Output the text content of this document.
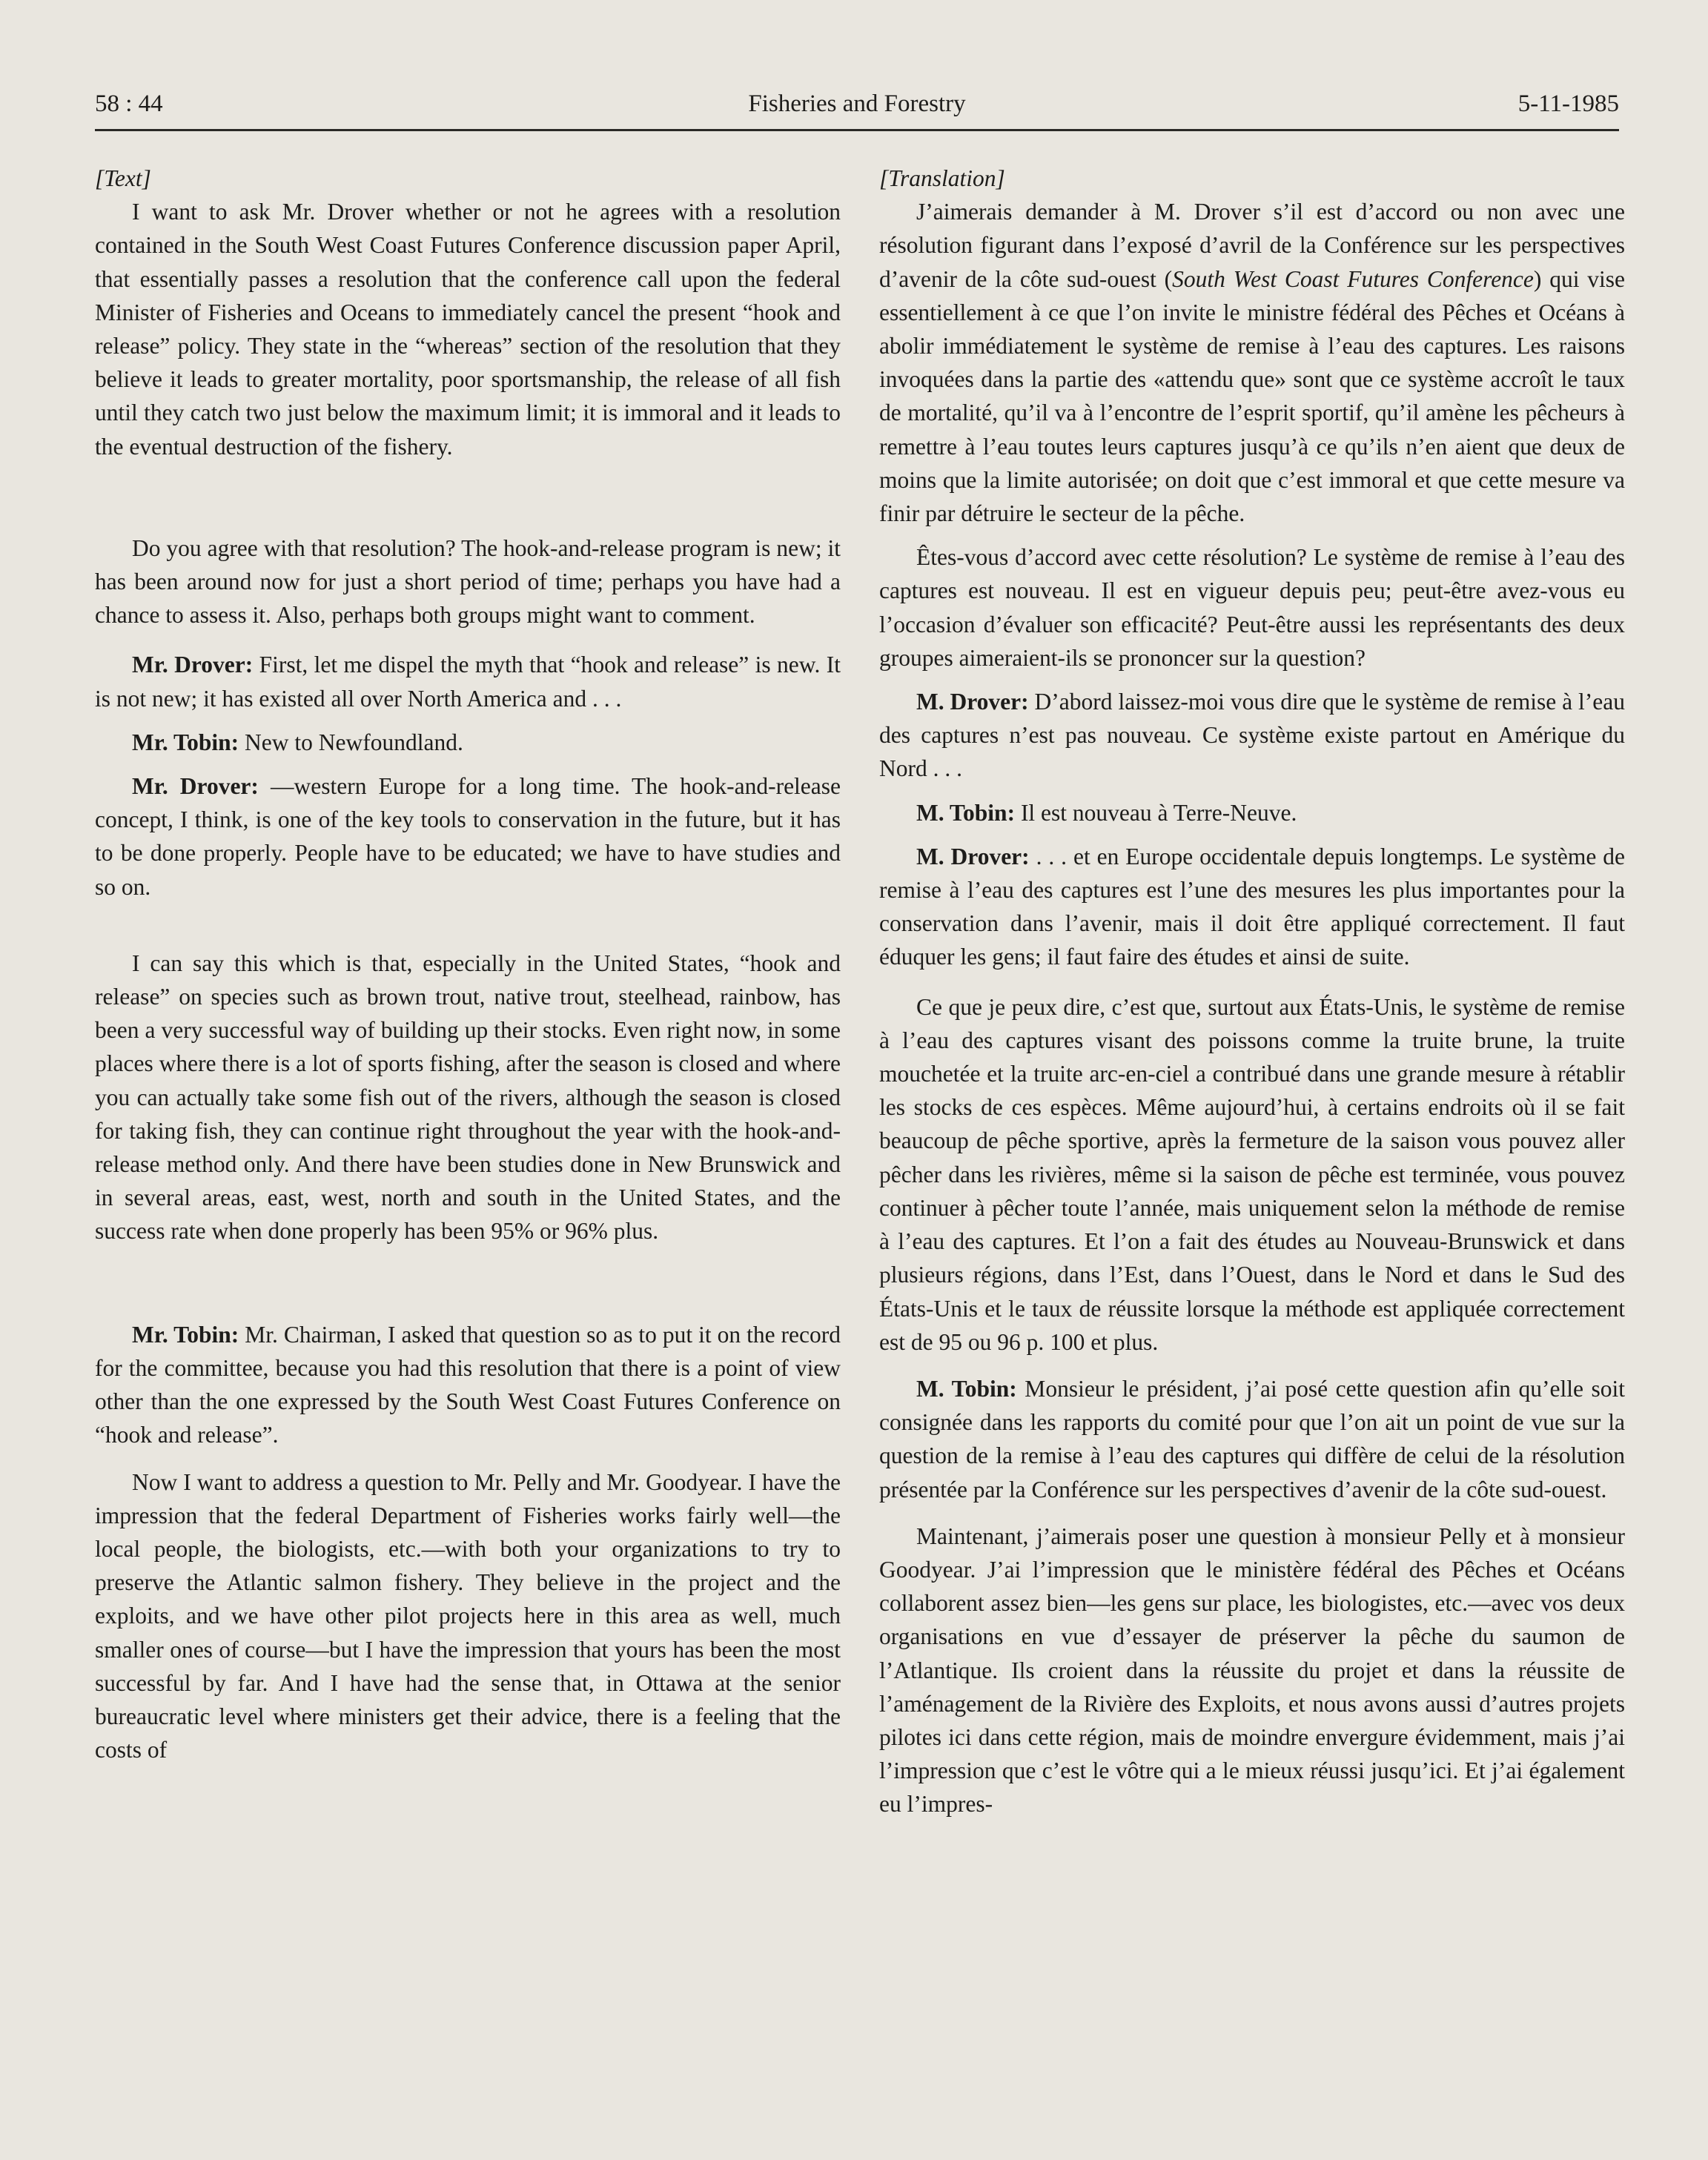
58 : 44	Fisheries and Forestry	5-11-1985

[Text]

I want to ask Mr. Drover whether or not he agrees with a resolution contained in the South West Coast Futures Conference discussion paper April, that essentially passes a resolution that the conference call upon the federal Minister of Fisheries and Oceans to immediately cancel the present “hook and release” policy. They state in the “whereas” section of the resolution that they believe it leads to greater mortality, poor sportsmanship, the release of all fish until they catch two just below the maximum limit; it is immoral and it leads to the eventual destruction of the fishery.

Do you agree with that resolution? The hook-and-release program is new; it has been around now for just a short period of time; perhaps you have had a chance to assess it. Also, perhaps both groups might want to comment.

Mr. Drover: First, let me dispel the myth that “hook and release” is new. It is not new; it has existed all over North America and . . .

Mr. Tobin: New to Newfoundland.

Mr. Drover: —western Europe for a long time. The hook-and-release concept, I think, is one of the key tools to conservation in the future, but it has to be done properly. People have to be educated; we have to have studies and so on.

I can say this which is that, especially in the United States, “hook and release” on species such as brown trout, native trout, steelhead, rainbow, has been a very successful way of building up their stocks. Even right now, in some places where there is a lot of sports fishing, after the season is closed and where you can actually take some fish out of the rivers, although the season is closed for taking fish, they can continue right throughout the year with the hook-and-release method only. And there have been studies done in New Brunswick and in several areas, east, west, north and south in the United States, and the success rate when done properly has been 95% or 96% plus.

Mr. Tobin: Mr. Chairman, I asked that question so as to put it on the record for the committee, because you had this resolution that there is a point of view other than the one expressed by the South West Coast Futures Conference on “hook and release”.

Now I want to address a question to Mr. Pelly and Mr. Goodyear. I have the impression that the federal Department of Fisheries works fairly well—the local people, the biologists, etc.—with both your organizations to try to preserve the Atlantic salmon fishery. They believe in the project and the exploits, and we have other pilot projects here in this area as well, much smaller ones of course—but I have the impression that yours has been the most successful by far. And I have had the sense that, in Ottawa at the senior bureaucratic level where ministers get their advice, there is a feeling that the costs of

[Translation]

J’aimerais demander à M. Drover s’il est d’accord ou non avec une résolution figurant dans l’exposé d’avril de la Conférence sur les perspectives d’avenir de la côte sud-ouest (South West Coast Futures Conference) qui vise essentiellement à ce que l’on invite le ministre fédéral des Pêches et Océans à abolir immédiatement le système de remise à l’eau des captures. Les raisons invoquées dans la partie des «attendu que» sont que ce système accroît le taux de mortalité, qu’il va à l’encontre de l’esprit sportif, qu’il amène les pêcheurs à remettre à l’eau toutes leurs captures jusqu’à ce qu’ils n’en aient que deux de moins que la limite autorisée; on doit que c’est immoral et que cette mesure va finir par détruire le secteur de la pêche.

Êtes-vous d’accord avec cette résolution? Le système de remise à l’eau des captures est nouveau. Il est en vigueur depuis peu; peut-être avez-vous eu l’occasion d’évaluer son efficacité? Peut-être aussi les représentants des deux groupes aimeraient-ils se prononcer sur la question?

M. Drover: D’abord laissez-moi vous dire que le système de remise à l’eau des captures n’est pas nouveau. Ce système existe partout en Amérique du Nord . . .

M. Tobin: Il est nouveau à Terre-Neuve.

M. Drover: . . . et en Europe occidentale depuis longtemps. Le système de remise à l’eau des captures est l’une des mesures les plus importantes pour la conservation dans l’avenir, mais il doit être appliqué correctement. Il faut éduquer les gens; il faut faire des études et ainsi de suite.

Ce que je peux dire, c’est que, surtout aux États-Unis, le système de remise à l’eau des captures visant des poissons comme la truite brune, la truite mouchetée et la truite arc-en-ciel a contribué dans une grande mesure à rétablir les stocks de ces espèces. Même aujourd’hui, à certains endroits où il se fait beaucoup de pêche sportive, après la fermeture de la saison vous pouvez aller pêcher dans les rivières, même si la saison de pêche est terminée, vous pouvez continuer à pêcher toute l’année, mais uniquement selon la méthode de remise à l’eau des captures. Et l’on a fait des études au Nouveau-Brunswick et dans plusieurs régions, dans l’Est, dans l’Ouest, dans le Nord et dans le Sud des États-Unis et le taux de réussite lorsque la méthode est appliquée correctement est de 95 ou 96 p. 100 et plus.

M. Tobin: Monsieur le président, j’ai posé cette question afin qu’elle soit consignée dans les rapports du comité pour que l’on ait un point de vue sur la question de la remise à l’eau des captures qui diffère de celui de la résolution présentée par la Conférence sur les perspectives d’avenir de la côte sud-ouest.

Maintenant, j’aimerais poser une question à monsieur Pelly et à monsieur Goodyear. J’ai l’impression que le ministère fédéral des Pêches et Océans collaborent assez bien—les gens sur place, les biologistes, etc.—avec vos deux organisations en vue d’essayer de préserver la pêche du saumon de l’Atlantique. Ils croient dans la réussite du projet et dans la réussite de l’aménagement de la Rivière des Exploits, et nous avons aussi d’autres projets pilotes ici dans cette région, mais de moindre envergure évidemment, mais j’ai l’impression que c’est le vôtre qui a le mieux réussi jusqu’ici. Et j’ai également eu l’impres-
